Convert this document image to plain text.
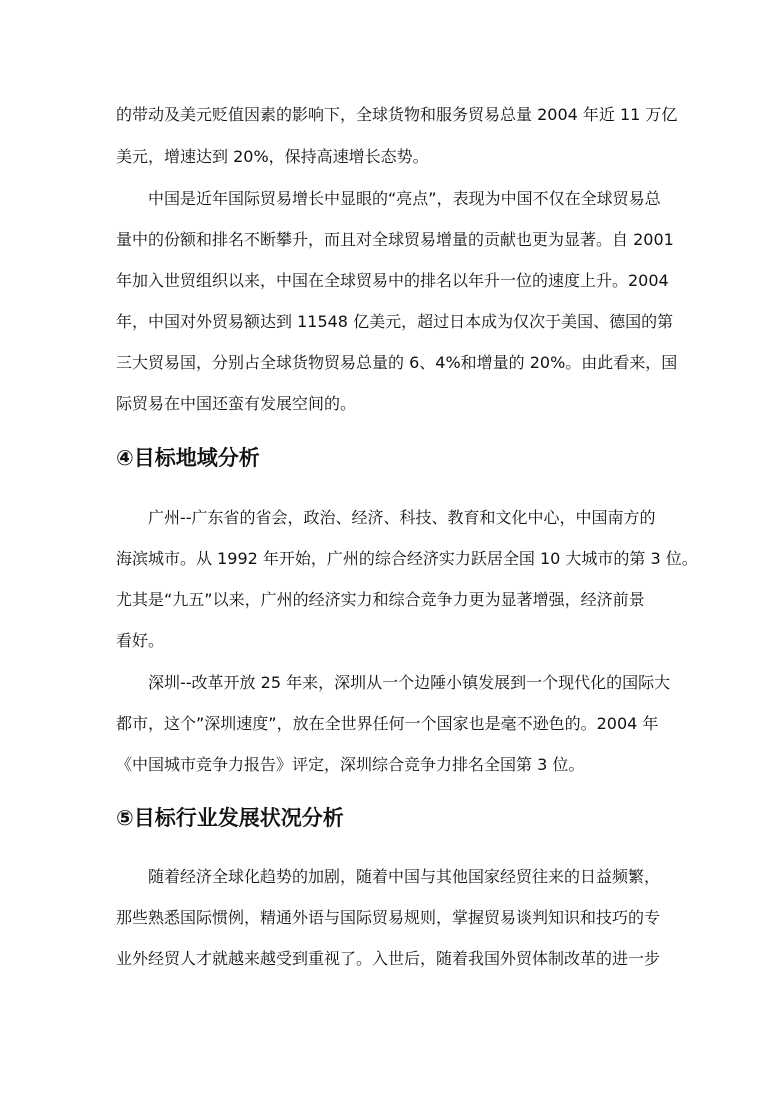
的带动及美元贬值因素的影响下，全球货物和服务贸易总量 2004 年近 11 万亿

美元，增速达到 20%，保持高速增长态势。

中国是近年国际贸易增长中显眼的“亮点”，表现为中国不仅在全球贸易总

量中的份额和排名不断攀升，而且对全球贸易增量的贡献也更为显著。自 2001

年加入世贸组织以来，中国在全球贸易中的排名以年升一位的速度上升。2004

年，中国对外贸易额达到 11548 亿美元，超过日本成为仅次于美国、德国的第

三大贸易国，分别占全球货物贸易总量的 6、4%和增量的 20%。由此看来，国

际贸易在中国还蛮有发展空间的。

④目标地域分析

广州--广东省的省会，政治、经济、科技、教育和文化中心，中国南方的

海滨城市。从 1992 年开始，广州的综合经济实力跃居全国 10 大城市的第 3 位。

尤其是“九五”以来，广州的经济实力和综合竞争力更为显著增强，经济前景

看好。

深圳--改革开放 25 年来，深圳从一个边陲小镇发展到一个现代化的国际大

都市，这个”深圳速度”，放在全世界任何一个国家也是毫不逊色的。2004 年

《中国城市竞争力报告》评定，深圳综合竞争力排名全国第 3 位。

⑤目标行业发展状况分析

随着经济全球化趋势的加剧，随着中国与其他国家经贸往来的日益频繁，

那些熟悉国际惯例，精通外语与国际贸易规则，掌握贸易谈判知识和技巧的专

业外经贸人才就越来越受到重视了。入世后，随着我国外贸体制改革的进一步
